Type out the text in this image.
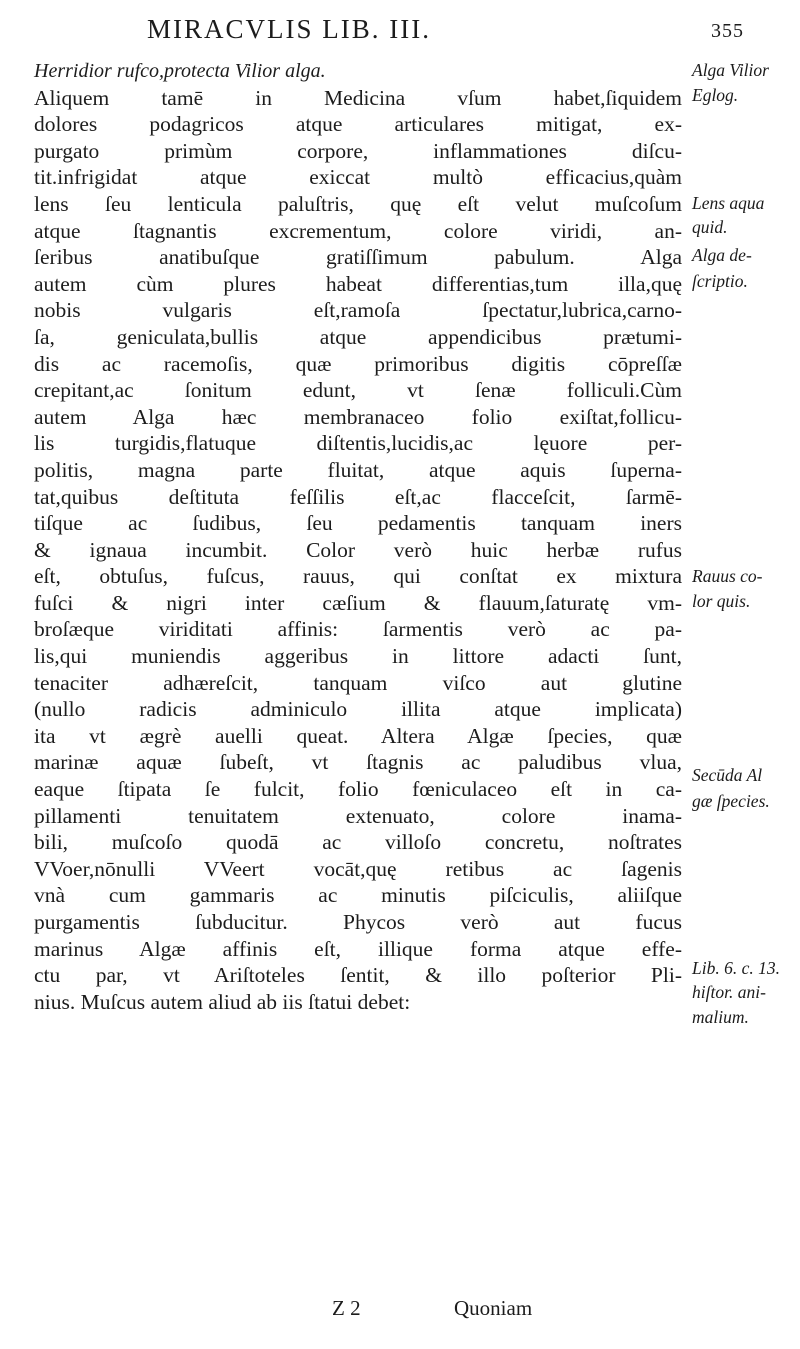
MIRACVLIS LIB. III.	355
Herridior rufco,protecta Vilior alga.
Aliquem tamē in Medicina vſum habet,ſiquidem
dolores podagricos atque articulares mitigat, ex-
purgato primùm corpore, inflammationes diſcu-
tit.infrigidat atque exiccat multò efficacius,quàm
lens ſeu lenticula paluſtris, quę eſt velut muſcoſum
atque ſtagnantis excrementum, colore viridi, an-
ſeribus anatibuſque gratiſſimum pabulum. Alga
autem cùm plures habeat differentias,tum illa,quę
nobis vulgaris eſt,ramoſa ſpectatur,lubrica,carno-
ſa, geniculata,bullis atque appendicibus prætumi-
dis ac racemoſis, quæ primoribus digitis cōpreſſæ
crepitant,ac ſonitum edunt, vt ſenæ folliculi.Cùm
autem Alga hæc membranaceo folio exiſtat,follicu-
lis turgidis,flatuque diſtentis,lucidis,ac lęuore per-
politis, magna parte fluitat, atque aquis ſuperna-
tat,quibus deſtituta feſſilis eſt,ac flacceſcit, ſarmē-
tiſque ac ſudibus, ſeu pedamentis tanquam iners
& ignaua incumbit. Color verò huic herbæ rufus
eſt, obtuſus, fuſcus, rauus, qui conſtat ex mixtura
fuſci & nigri inter cæſium & flauum,ſaturatę vm-
broſæque viriditati affinis: ſarmentis verò ac pa-
lis,qui muniendis aggeribus in littore adacti ſunt,
tenaciter adhæreſcit, tanquam viſco aut glutine
(nullo radicis adminiculo illita atque implicata)
ita vt ægrè auelli queat. Altera Algæ ſpecies, quæ
marinæ aquæ ſubeſt, vt ſtagnis ac paludibus vlua,
eaque ſtipata ſe fulcit, folio fœniculaceo eſt in ca-
pillamenti tenuitatem extenuato, colore inama-
bili, muſcoſo quodā ac villoſo concretu, noſtrates
VVoer,nōnulli VVeert vocāt,quę retibus ac ſagenis
vnà cum gammaris ac minutis piſciculis, aliiſque
purgamentis ſubducitur. Phycos verò aut fucus
marinus Algæ affinis eſt, illique forma atque effe-
ctu par, vt Ariſtoteles ſentit, & illo poſterior Pli-
nius. Muſcus autem aliud ab iis ſtatui debet:
Z 2	Quoniam
Alga Vilior
Eglog.
Lens aqua
quid.
Alga de-
ſcriptio.
Rauus co-
lor quis.
Secūda Al
gæ ſpecies.
Lib. 6. c. 13.
hiſtor. ani-
malium.
